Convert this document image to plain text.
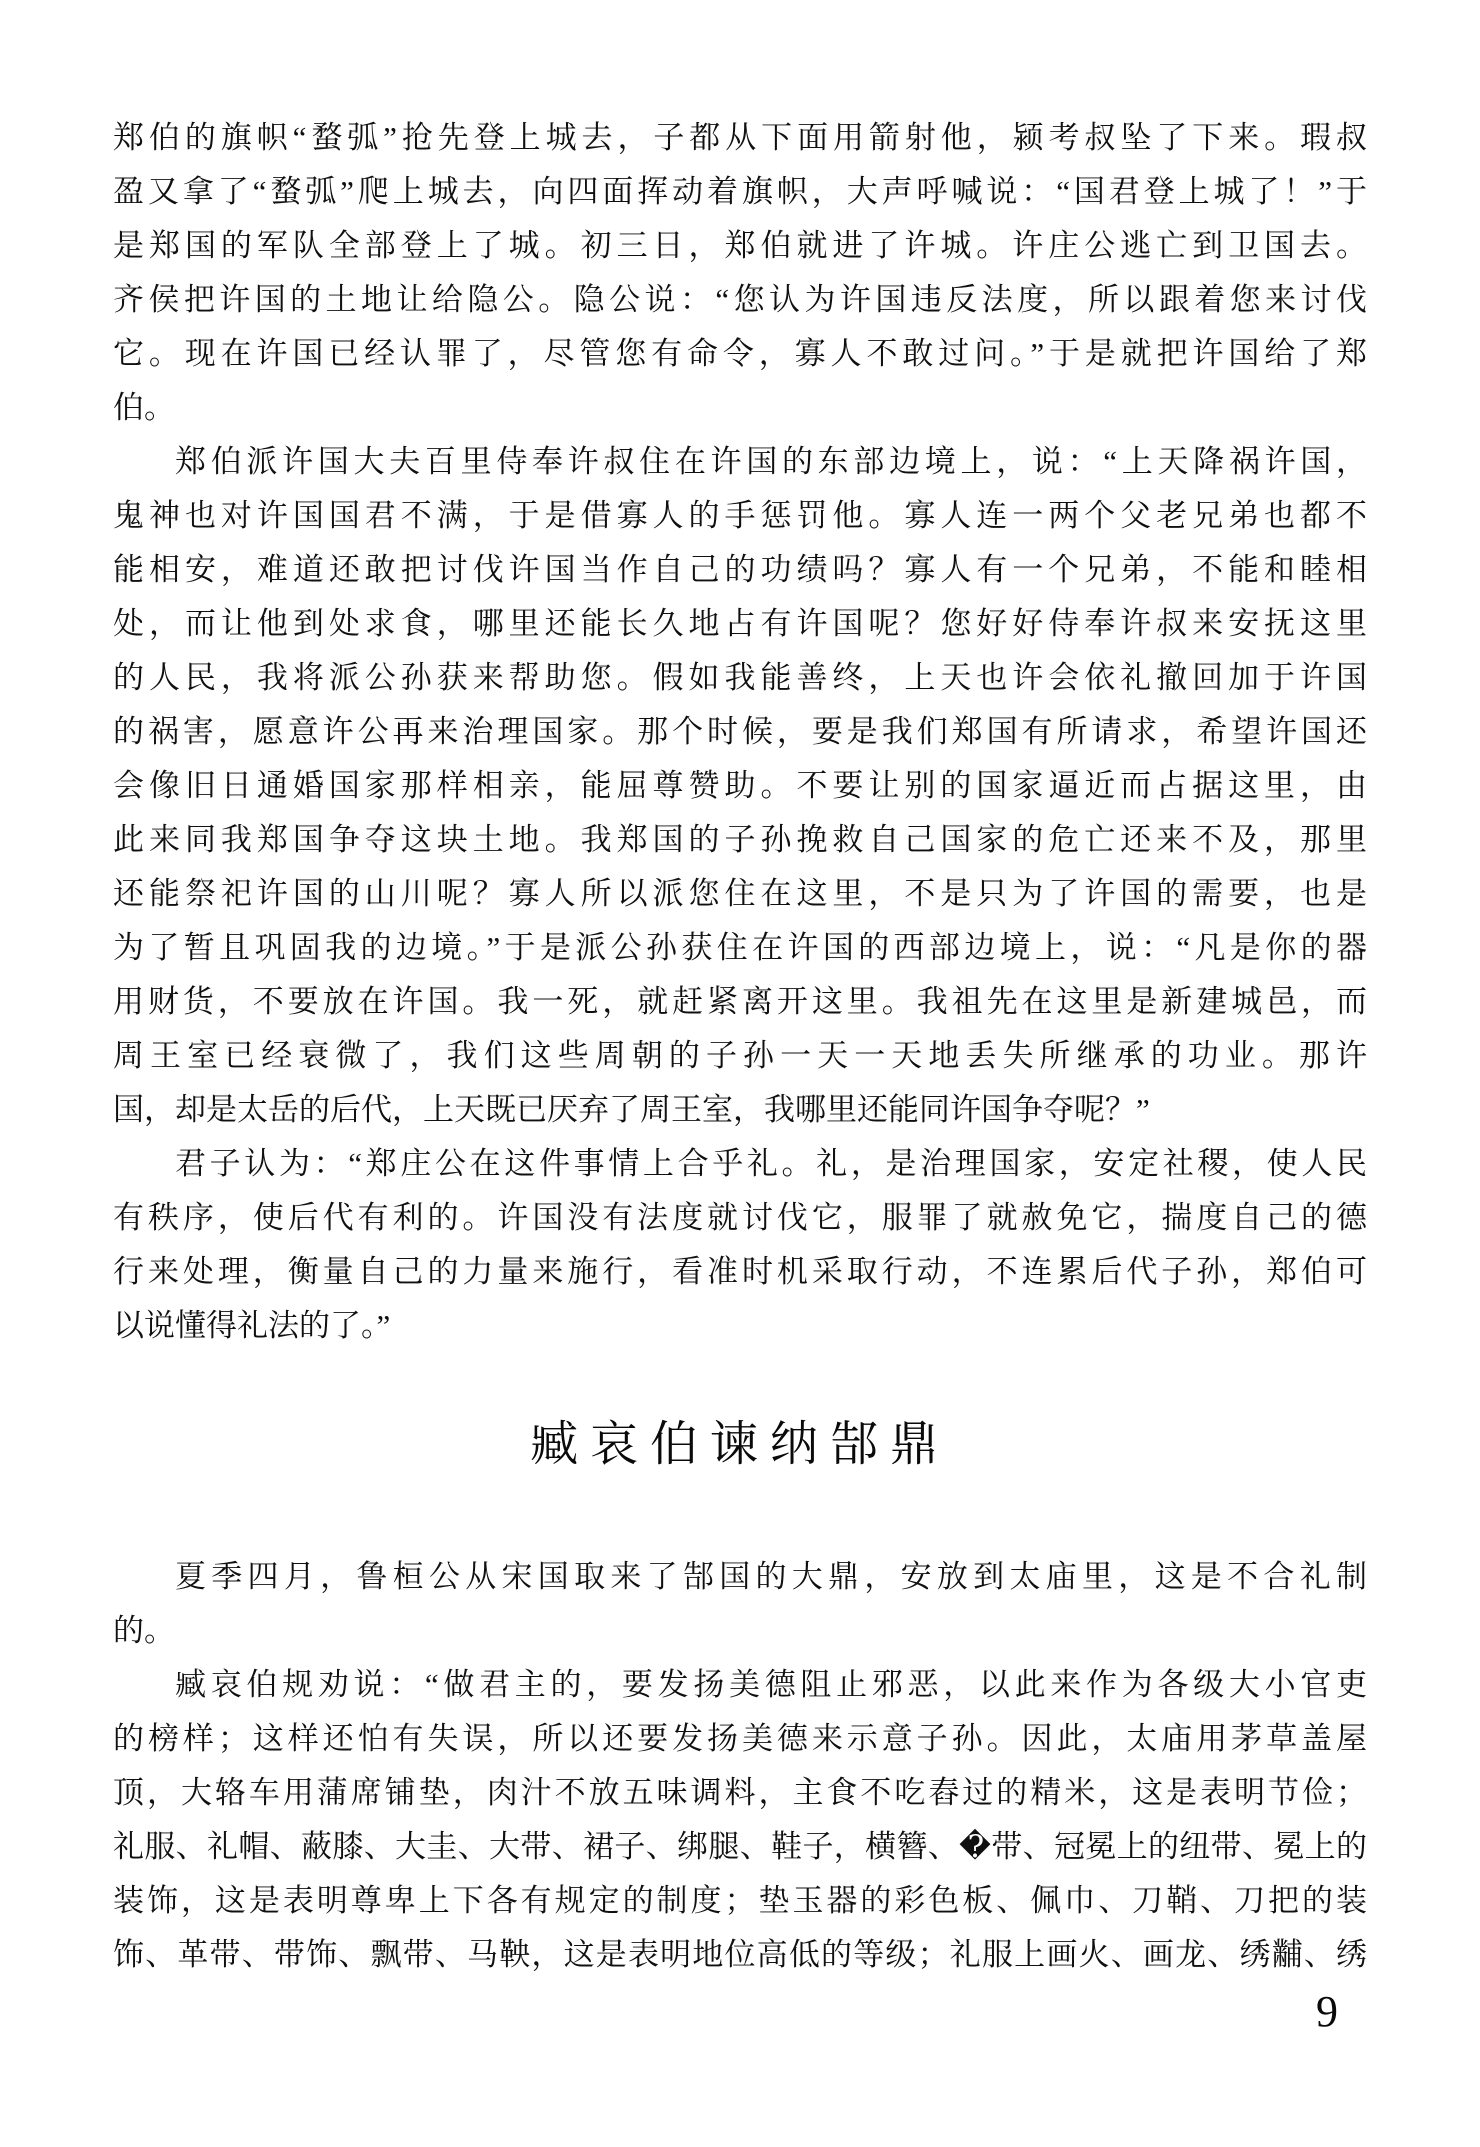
郑伯的旗帜“蝥弧”抢先登上城去，子都从下面用箭射他，颍考叔坠了下来。瑕叔
盈又拿了“蝥弧”爬上城去，向四面挥动着旗帜，大声呼喊说：“国君登上城了！”于
是郑国的军队全部登上了城。初三日，郑伯就进了许城。许庄公逃亡到卫国去。
齐侯把许国的土地让给隐公。隐公说：“您认为许国违反法度，所以跟着您来讨伐
它。现在许国已经认罪了，尽管您有命令，寡人不敢过问。”于是就把许国给了郑
伯。
郑伯派许国大夫百里侍奉许叔住在许国的东部边境上，说：“上天降祸许国，
鬼神也对许国国君不满，于是借寡人的手惩罚他。寡人连一两个父老兄弟也都不
能相安，难道还敢把讨伐许国当作自己的功绩吗？寡人有一个兄弟，不能和睦相
处，而让他到处求食，哪里还能长久地占有许国呢？您好好侍奉许叔来安抚这里
的人民，我将派公孙获来帮助您。假如我能善终，上天也许会依礼撤回加于许国
的祸害，愿意许公再来治理国家。那个时候，要是我们郑国有所请求，希望许国还
会像旧日通婚国家那样相亲，能屈尊赞助。不要让别的国家逼近而占据这里，由
此来同我郑国争夺这块土地。我郑国的子孙挽救自己国家的危亡还来不及，那里
还能祭祀许国的山川呢？寡人所以派您住在这里，不是只为了许国的需要，也是
为了暂且巩固我的边境。”于是派公孙获住在许国的西部边境上，说：“凡是你的器
用财货，不要放在许国。我一死，就赶紧离开这里。我祖先在这里是新建城邑，而
周王室已经衰微了，我们这些周朝的子孙一天一天地丢失所继承的功业。那许
国，却是太岳的后代，上天既已厌弃了周王室，我哪里还能同许国争夺呢？”
君子认为：“郑庄公在这件事情上合乎礼。礼，是治理国家，安定社稷，使人民
有秩序，使后代有利的。许国没有法度就讨伐它，服罪了就赦免它，揣度自己的德
行来处理，衡量自己的力量来施行，看准时机采取行动，不连累后代子孙，郑伯可
以说懂得礼法的了。”
臧哀伯谏纳郜鼎
夏季四月，鲁桓公从宋国取来了郜国的大鼎，安放到太庙里，这是不合礼制
的。
臧哀伯规劝说：“做君主的，要发扬美德阻止邪恶，以此来作为各级大小官吏
的榜样；这样还怕有失误，所以还要发扬美德来示意子孙。因此，太庙用茅草盖屋
顶，大辂车用蒲席铺垫，肉汁不放五味调料，主食不吃舂过的精米，这是表明节俭；
礼服、礼帽、蔽膝、大圭、大带、裙子、绑腿、鞋子，横簪、�带、冠冕上的纽带、冕上的
装饰，这是表明尊卑上下各有规定的制度；垫玉器的彩色板、佩巾、刀鞘、刀把的装
饰、革带、带饰、飘带、马鞅，这是表明地位高低的等级；礼服上画火、画龙、绣黼、绣
9
